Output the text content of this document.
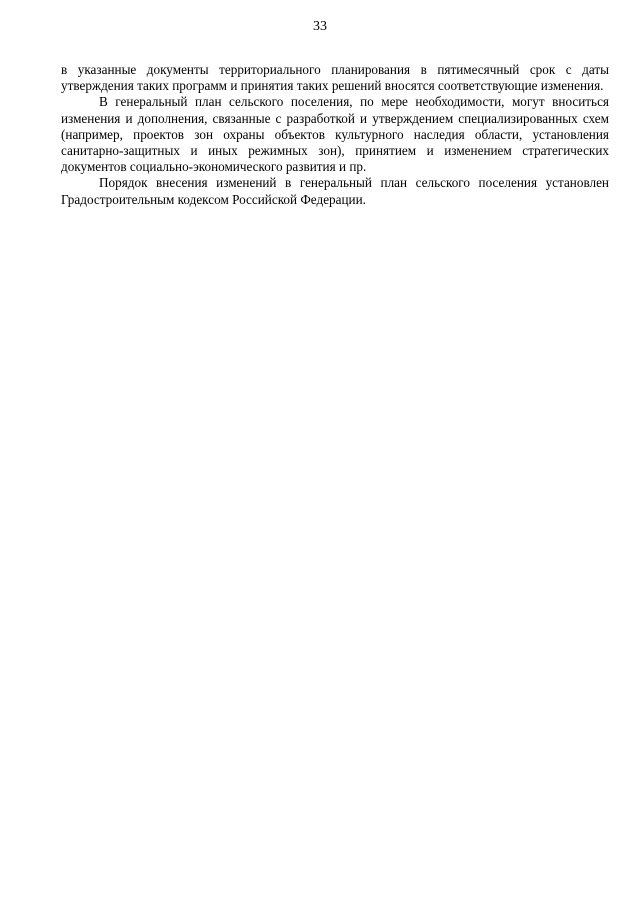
33

в указанные документы территориального планирования в пятимесячный срок с даты утверждения таких программ и принятия таких решений вносятся соответствующие изменения.

В генеральный план сельского поселения, по мере необходимости, могут вноситься изменения и дополнения, связанные с разработкой и утверждением специализированных схем (например, проектов зон охраны объектов культурного наследия области, установления санитарно-защитных и иных режимных зон), принятием и изменением стратегических документов социально-экономического развития и пр.

Порядок внесения изменений в генеральный план сельского поселения установлен Градостроительным кодексом Российской Федерации.
